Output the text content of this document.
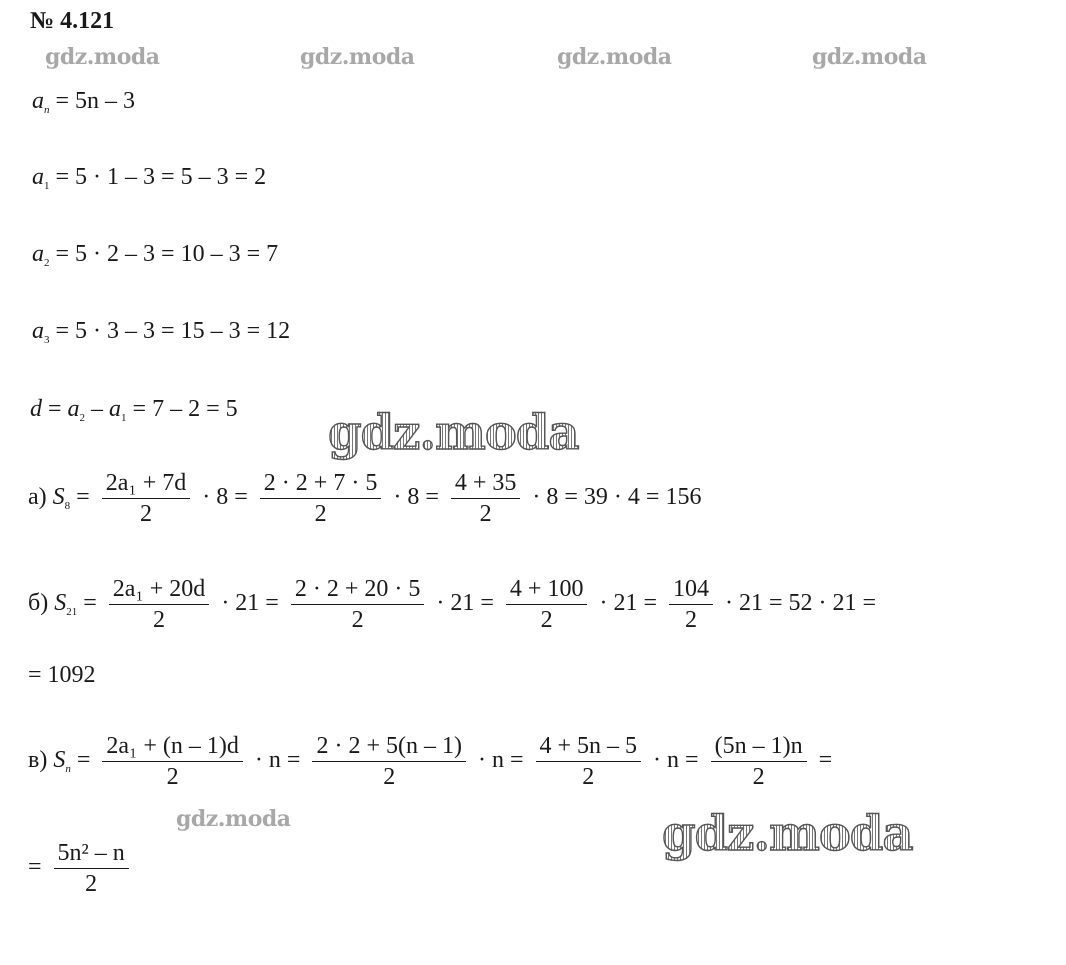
№ 4.121
gdz.moda	gdz.moda	gdz.moda	gdz.moda
$a_n = 5n - 3$
$a_1 = 5 \cdot 1 - 3 = 5 - 3 = 2$
$a_2 = 5 \cdot 2 - 3 = 10 - 3 = 7$
$a_3 = 5 \cdot 3 - 3 = 15 - 3 = 12$
$d = a_2 - a_1 = 7 - 2 = 5$ gdz.moda
а) $S_8 = \frac{\text{2a₁ + 7d}}{2} \cdot 8 = \frac{2 \cdot 2 + 7 \cdot 5}{2} \cdot 8 = \frac{4 + 35}{2} \cdot 8 = 39 \cdot 4 = 156$
б) $S_{21} = \frac{\text{2a₁ + 20d}}{2} \cdot 21 = \frac{2 \cdot 2 + 20 \cdot 5}{2} \cdot 21 = \frac{4 + 100}{2} \cdot 21 = \frac{104}{2} \cdot 21 = 52 \cdot 21$ =
= 1092
в) $S_n = \frac{\text{2a₁ + (n – 1)d}}{2} \cdot n = \frac{2 \cdot 2 + 5(n - 1)}{2} \cdot n = \frac{4 + 5n - 5}{2} \cdot n = \frac{(5n - 1)n}{2}$ =
= $\frac{\text{5n² – n}}{2}$
gdz.moda	gdz.moda
